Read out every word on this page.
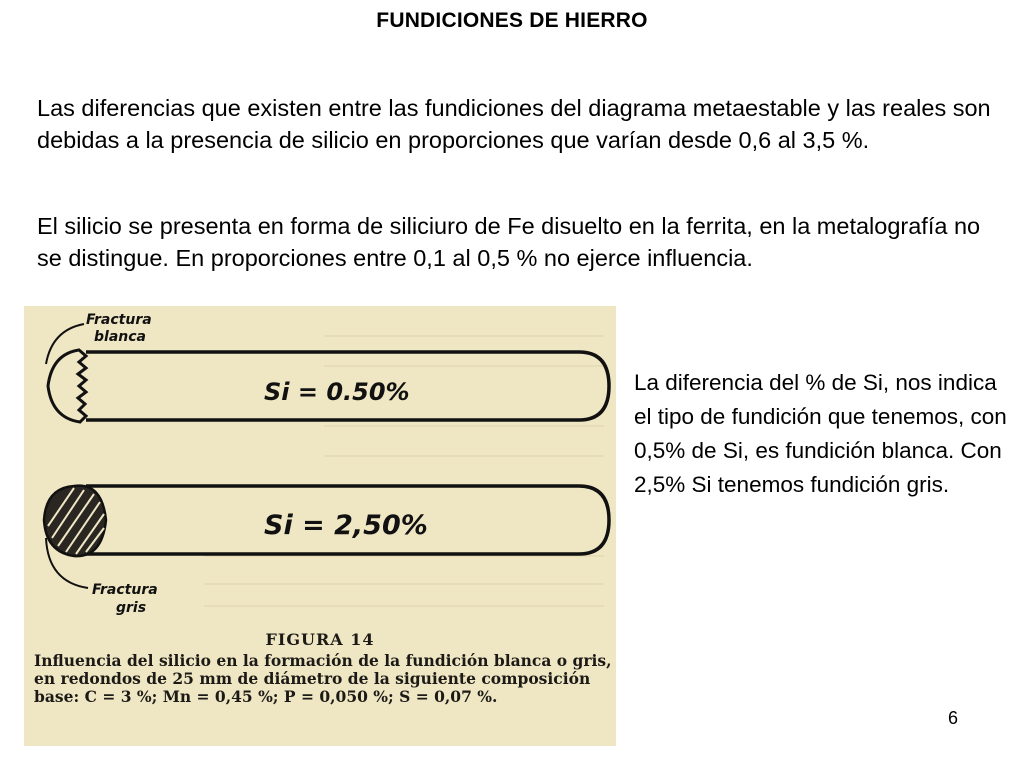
FUNDICIONES DE HIERRO

Las diferencias que existen entre las fundiciones del diagrama metaestable y las reales son debidas a la presencia de silicio en proporciones que varían desde 0,6 al 3,5 %.

El silicio se presenta en forma de siliciuro de Fe disuelto en la ferrita, en la metalografía no se distingue. En proporciones entre 0,1 al 0,5 % no ejerce influencia.

Fractura
blanca
Si = 0.50%
Fractura
gris
Si = 2,50%
FIGURA 14

Influencia del silicio en la formación de la fundición blanca o gris, en redondos de 25 mm de diámetro de la siguiente composición base: C = 3 %; Mn = 0,45 %; P = 0,050 %; S = 0,07 %.

La diferencia del % de Si, nos indica el tipo de fundición que tenemos, con 0,5% de Si, es fundición blanca. Con 2,5% Si tenemos fundición gris.

6
